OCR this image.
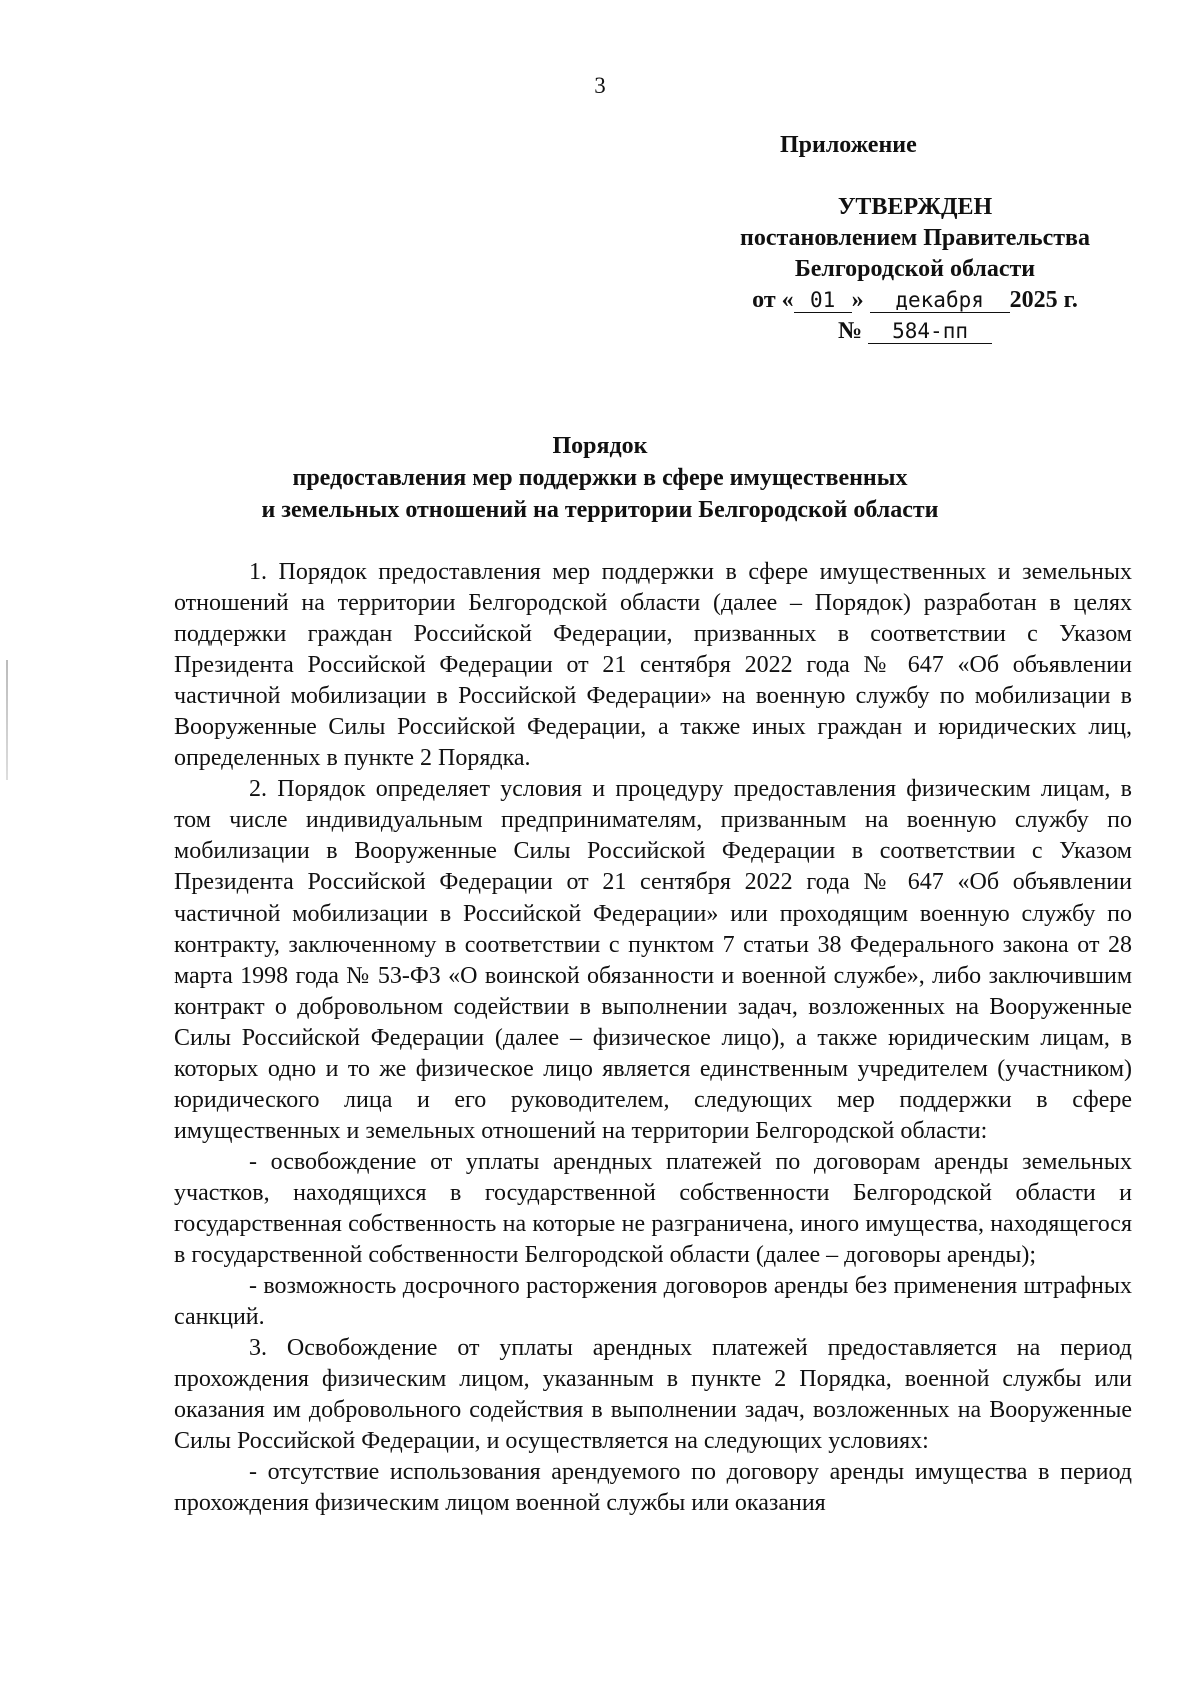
3
Приложение
УТВЕРЖДЕН
постановлением Правительства
Белгородской области
от « 01 » декабря 2025 г.
№ 584-пп
Порядок
предоставления мер поддержки в сфере имущественных
и земельных отношений на территории Белгородской области

1. Порядок предоставления мер поддержки в сфере имущественных и земельных отношений на территории Белгородской области (далее – Порядок) разработан в целях поддержки граждан Российской Федерации, призванных в соответствии с Указом Президента Российской Федерации от 21 сентября 2022 года № 647 «Об объявлении частичной мобилизации в Российской Федерации» на военную службу по мобилизации в Вооруженные Силы Российской Федерации, а также иных граждан и юридических лиц, определенных в пункте 2 Порядка.

2. Порядок определяет условия и процедуру предоставления физическим лицам, в том числе индивидуальным предпринимателям, призванным на военную службу по мобилизации в Вооруженные Силы Российской Федерации в соответствии с Указом Президента Российской Федерации от 21 сентября 2022 года № 647 «Об объявлении частичной мобилизации в Российской Федерации» или проходящим военную службу по контракту, заключенному в соответствии с пунктом 7 статьи 38 Федерального закона от 28 марта 1998 года № 53-ФЗ «О воинской обязанности и военной службе», либо заключившим контракт о добровольном содействии в выполнении задач, возложенных на Вооруженные Силы Российской Федерации (далее – физическое лицо), а также юридическим лицам, в которых одно и то же физическое лицо является единственным учредителем (участником) юридического лица и его руководителем, следующих мер поддержки в сфере имущественных и земельных отношений на территории Белгородской области:

- освобождение от уплаты арендных платежей по договорам аренды земельных участков, находящихся в государственной собственности Белгородской области и государственная собственность на которые не разграничена, иного имущества, находящегося в государственной собственности Белгородской области (далее – договоры аренды);

- возможность досрочного расторжения договоров аренды без применения штрафных санкций.

3. Освобождение от уплаты арендных платежей предоставляется на период прохождения физическим лицом, указанным в пункте 2 Порядка, военной службы или оказания им добровольного содействия в выполнении задач, возложенных на Вооруженные Силы Российской Федерации, и осуществляется на следующих условиях:

- отсутствие использования арендуемого по договору аренды имущества в период прохождения физическим лицом военной службы или оказания
